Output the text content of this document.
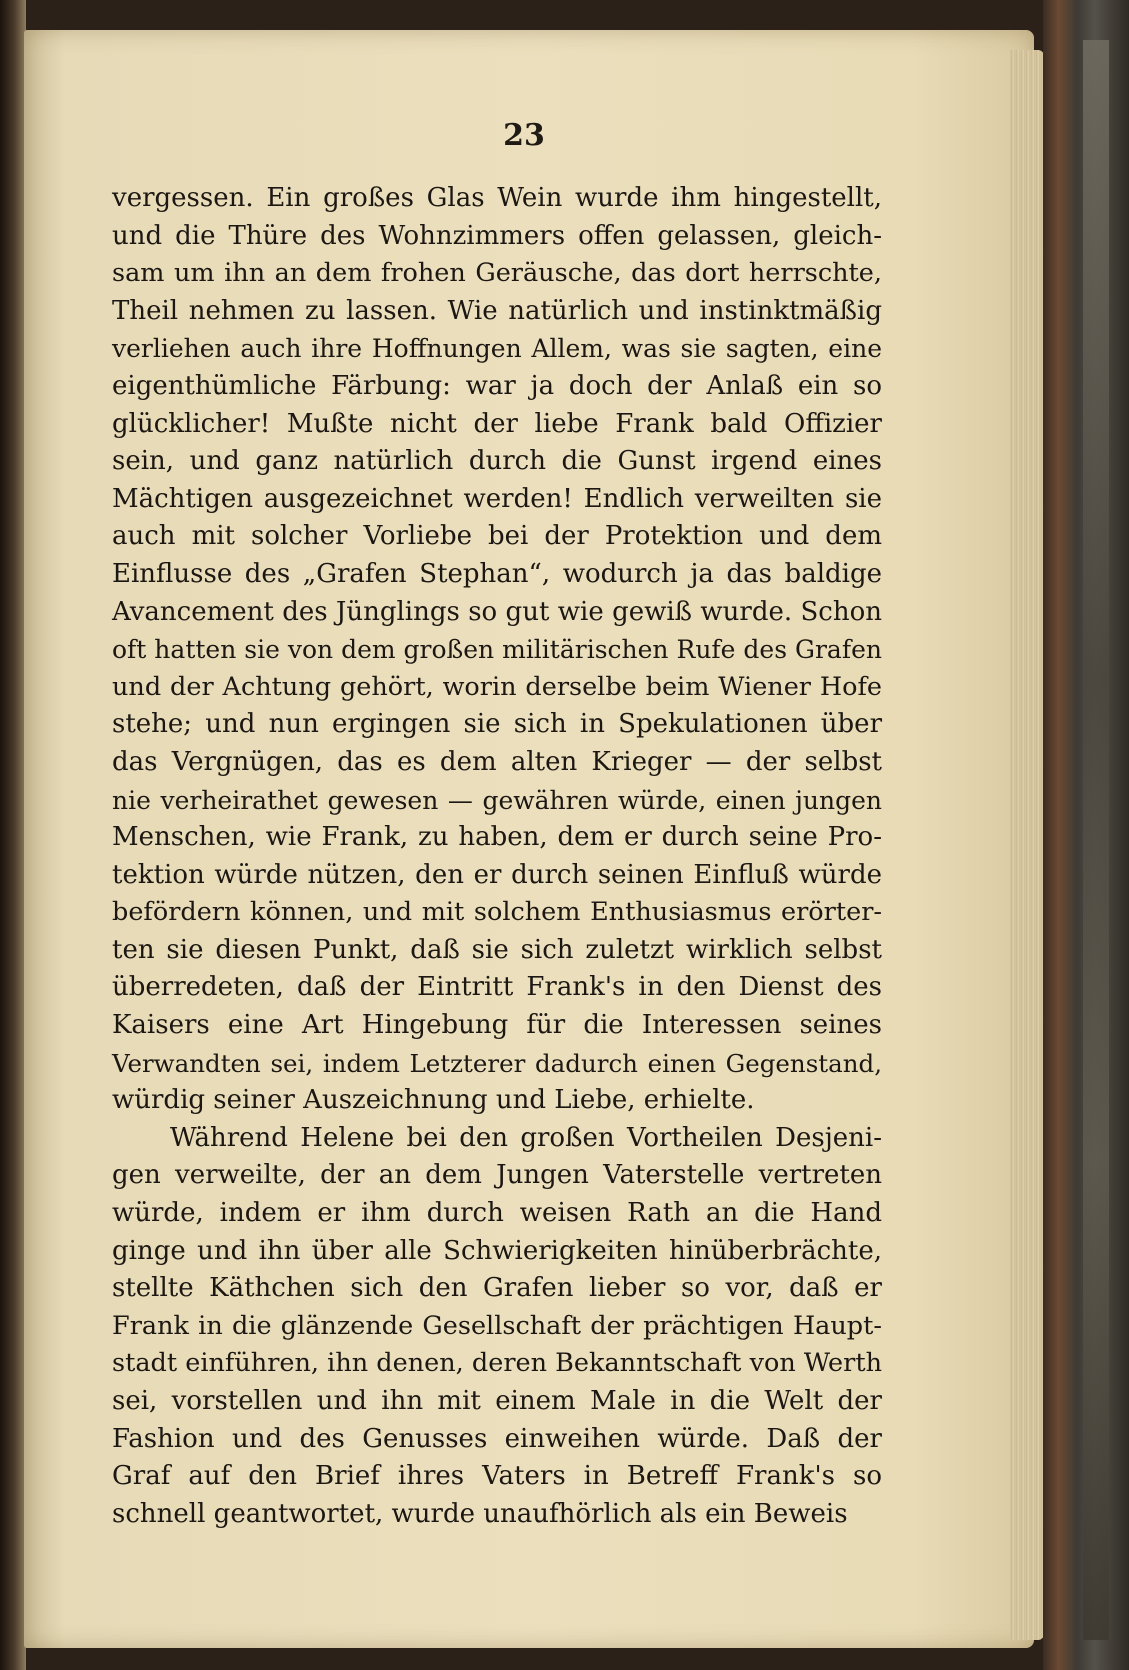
23
vergessen. Ein großes Glas Wein wurde ihm hingestellt,
und die Thüre des Wohnzimmers offen gelassen, gleich-
sam um ihn an dem frohen Geräusche, das dort herrschte,
Theil nehmen zu lassen. Wie natürlich und instinktmäßig
verliehen auch ihre Hoffnungen Allem, was sie sagten, eine
eigenthümliche Färbung: war ja doch der Anlaß ein so
glücklicher! Mußte nicht der liebe Frank bald Offizier
sein, und ganz natürlich durch die Gunst irgend eines
Mächtigen ausgezeichnet werden! Endlich verweilten sie
auch mit solcher Vorliebe bei der Protektion und dem
Einflusse des „Grafen Stephan“, wodurch ja das baldige
Avancement des Jünglings so gut wie gewiß wurde. Schon
oft hatten sie von dem großen militärischen Rufe des Grafen
und der Achtung gehört, worin derselbe beim Wiener Hofe
stehe; und nun ergingen sie sich in Spekulationen über
das Vergnügen, das es dem alten Krieger — der selbst
nie verheirathet gewesen — gewähren würde, einen jungen
Menschen, wie Frank, zu haben, dem er durch seine Pro-
tektion würde nützen, den er durch seinen Einfluß würde
befördern können, und mit solchem Enthusiasmus erörter-
ten sie diesen Punkt, daß sie sich zuletzt wirklich selbst
überredeten, daß der Eintritt Frank's in den Dienst des
Kaisers eine Art Hingebung für die Interessen seines
Verwandten sei, indem Letzterer dadurch einen Gegenstand,
würdig seiner Auszeichnung und Liebe, erhielte.
Während Helene bei den großen Vortheilen Desjeni-
gen verweilte, der an dem Jungen Vaterstelle vertreten
würde, indem er ihm durch weisen Rath an die Hand
ginge und ihn über alle Schwierigkeiten hinüberbrächte,
stellte Käthchen sich den Grafen lieber so vor, daß er
Frank in die glänzende Gesellschaft der prächtigen Haupt-
stadt einführen, ihn denen, deren Bekanntschaft von Werth
sei, vorstellen und ihn mit einem Male in die Welt der
Fashion und des Genusses einweihen würde. Daß der
Graf auf den Brief ihres Vaters in Betreff Frank's so
schnell geantwortet, wurde unaufhörlich als ein Beweis
